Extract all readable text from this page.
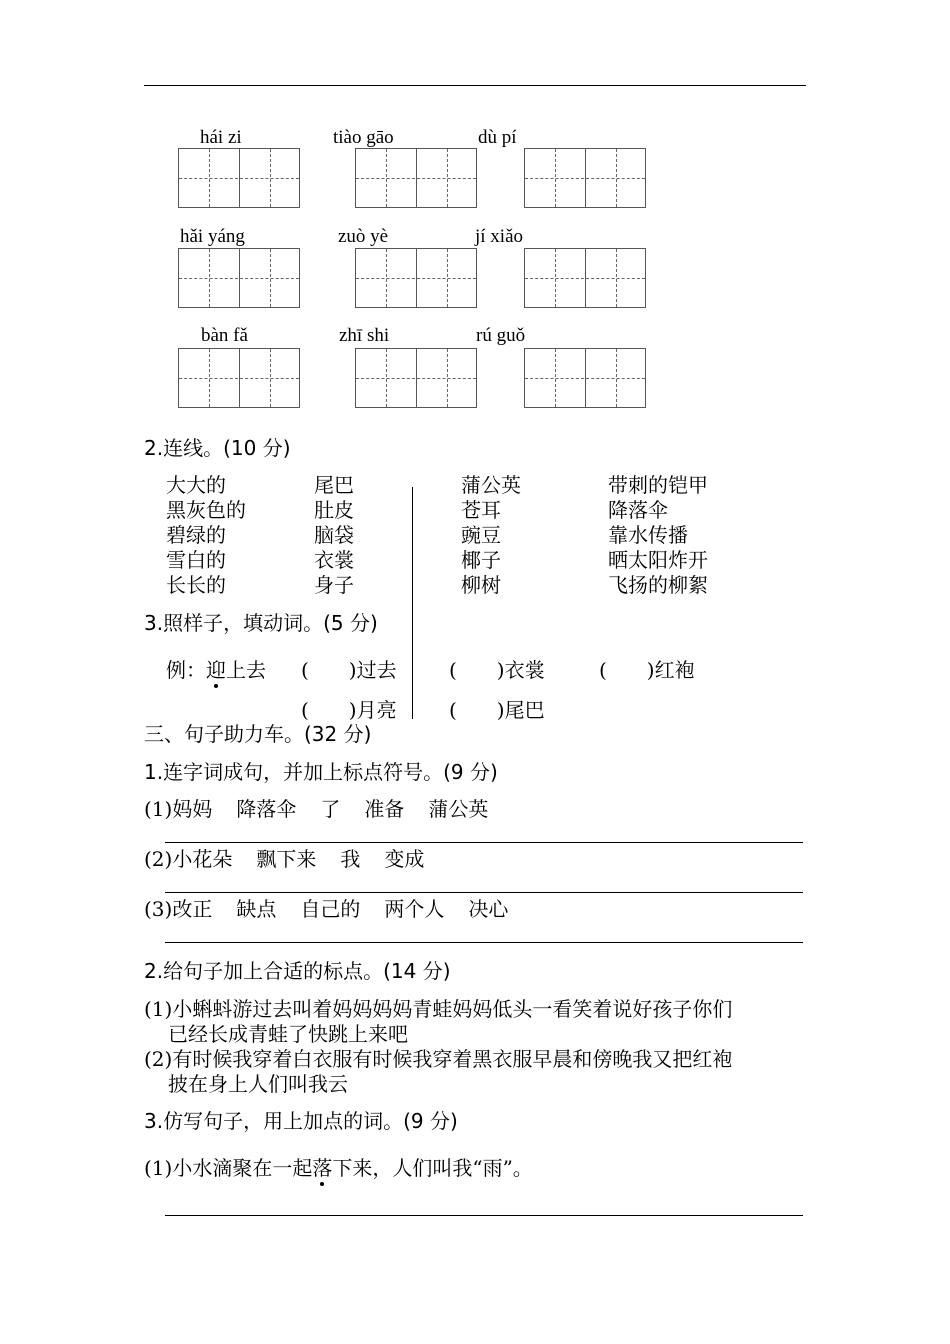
hái zi	tiào gāo	dù pí
hǎi yáng	zuò yè	jí xiǎo
bàn fǎ	zhī shi	rú guǒ
2.连线。(10 分)
大大的
黑灰色的
碧绿的
雪白的
长长的
尾巴
肚皮
脑袋
衣裳
身子
蒲公英
苍耳
豌豆
椰子
柳树
带刺的铠甲
降落伞
靠水传播
晒太阳炸开
飞扬的柳絮
3.照样子，填动词。(5 分)
例：迎上去 (　　)过去	(　　)衣裳	(　　)红袍
(　　)月亮	(　　)尾巴
三、句子助力车。(32 分)
1.连字词成句，并加上标点符号。(9 分)
(1)妈妈 降落伞 了 准备 蒲公英
(2)小花朵 飘下来 我 变成
(3)改正 缺点 自己的 两个人 决心
2.给句子加上合适的标点。(14 分)
(1)小蝌蚪游过去叫着妈妈妈妈青蛙妈妈低头一看笑着说好孩子你们
已经长成青蛙了快跳上来吧
(2)有时候我穿着白衣服有时候我穿着黑衣服早晨和傍晚我又把红袍
披在身上人们叫我云
3.仿写句子，用上加点的词。(9 分)
(1)小水滴聚在一起落下来，人们叫我“雨”。
